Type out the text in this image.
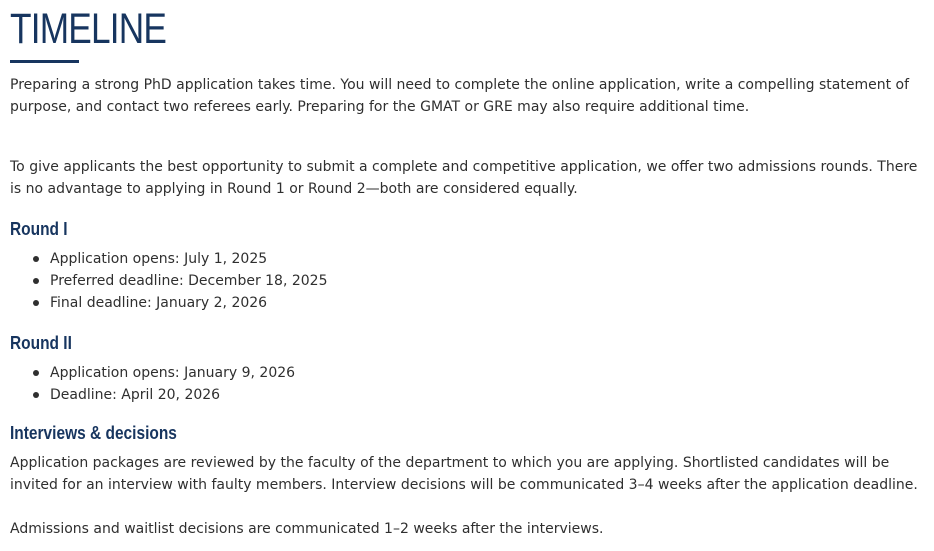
TIMELINE

Preparing a strong PhD application takes time. You will need to complete the online application, write a compelling statement of purpose, and contact two referees early. Preparing for the GMAT or GRE may also require additional time.

To give applicants the best opportunity to submit a complete and competitive application, we offer two admissions rounds. There is no advantage to applying in Round 1 or Round 2—both are considered equally.

Round I
Application opens: July 1, 2025
Preferred deadline: December 18, 2025
Final deadline: January 2, 2026
Round II
Application opens: January 9, 2026
Deadline: April 20, 2026
Interviews & decisions

Application packages are reviewed by the faculty of the department to which you are applying. Shortlisted candidates will be invited for an interview with faulty members. Interview decisions will be communicated 3–4 weeks after the application deadline.

Admissions and waitlist decisions are communicated 1–2 weeks after the interviews.
